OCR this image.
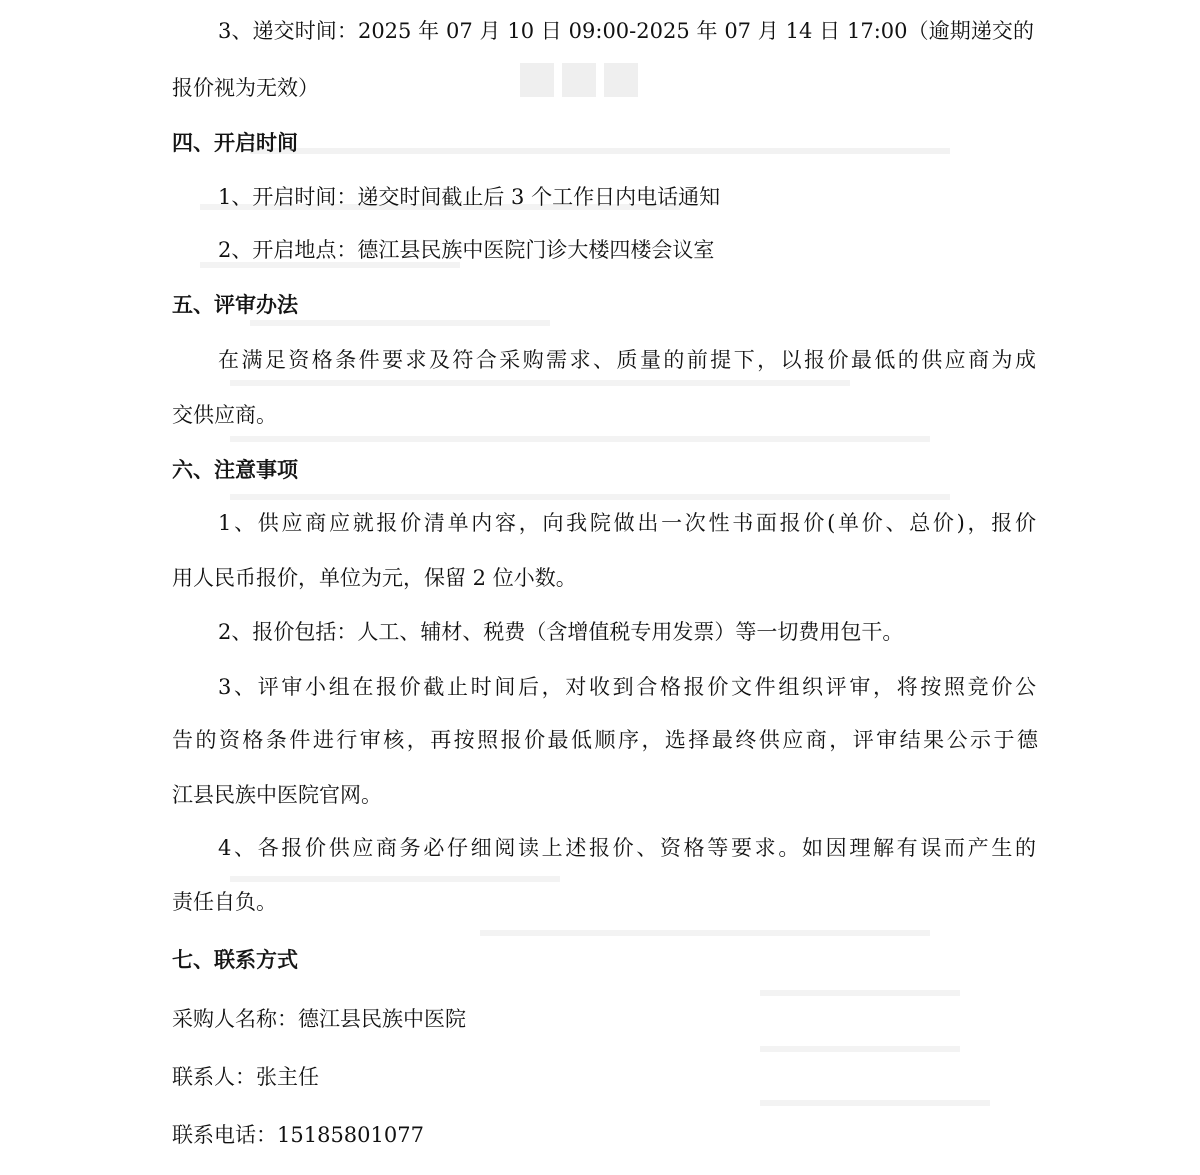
3、递交时间：2025 年 07 月 10 日 09:00-2025 年 07 月 14 日 17:00（逾期递交的
报价视为无效）
四、开启时间
1、开启时间：递交时间截止后 3 个工作日内电话通知
2、开启地点：德江县民族中医院门诊大楼四楼会议室
五、评审办法
在满足资格条件要求及符合采购需求、质量的前提下，以报价最低的供应商为成
交供应商。
六、注意事项
1、供应商应就报价清单内容，向我院做出一次性书面报价(单价、总价)，报价
用人民币报价，单位为元，保留 2 位小数。
2、报价包括：人工、辅材、税费（含增值税专用发票）等一切费用包干。
3、评审小组在报价截止时间后，对收到合格报价文件组织评审，将按照竞价公
告的资格条件进行审核，再按照报价最低顺序，选择最终供应商，评审结果公示于德
江县民族中医院官网。
4、各报价供应商务必仔细阅读上述报价、资格等要求。如因理解有误而产生的
责任自负。
七、联系方式
采购人名称：德江县民族中医院
联系人：张主任
联系电话：15185801077
